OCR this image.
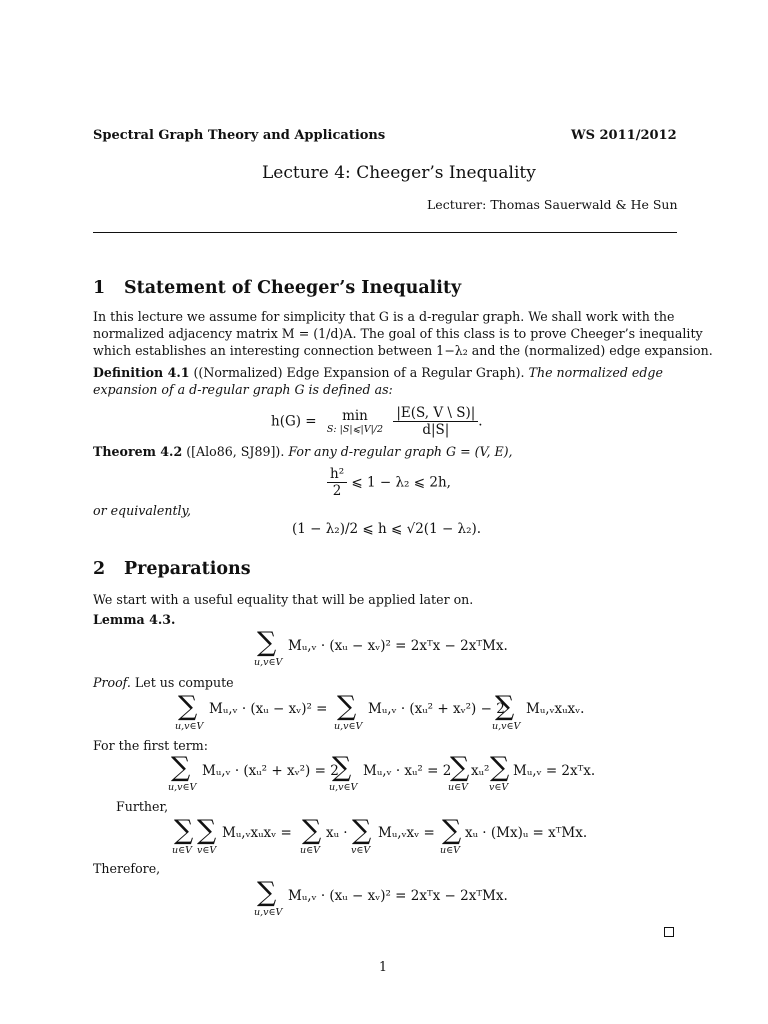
Spectral Graph Theory and Applications	WS 2011/2012
Lecture 4: Cheeger’s Inequality
Lecturer: Thomas Sauerwald & He Sun
1 Statement of Cheeger’s Inequality
In this lecture we assume for simplicity that G is a d-regular graph. We shall work with the
normalized adjacency matrix M = (1/d)A. The goal of this class is to prove Cheeger’s inequality
which establishes an interesting connection between 1−λ₂ and the (normalized) edge expansion.
Definition 4.1 ((Normalized) Edge Expansion of a Regular Graph). The normalized edge
expansion of a d-regular graph G is defined as:
h(G) =	min
S: |S|⩽|V|/2
$\frac{|E(S, V \backslash S)|}{d|S|}$ .
Theorem 4.2 ([Alo86, SJ89]). For any d-regular graph G = (V, E),
$\frac{\text{h²}}{2}$ ⩽ 1 − λ₂ ⩽ 2h,
or equivalently,
(1 − λ₂)/2 ⩽ h ⩽ √2(1 − λ₂).
2 Preparations
We start with a useful equality that will be applied later on.
Lemma 4.3.
∑
u,v∈V
Mᵤ,ᵥ · (xᵤ − xᵥ)² = 2xᵀx − 2xᵀMx.
Proof. Let us compute
∑
u,v∈V
Mᵤ,ᵥ · (xᵤ − xᵥ)² = ∑
u,v∈V
Mᵤ,ᵥ · (xᵤ² + xᵥ²) − 2
∑
u,v∈V
Mᵤ,ᵥxᵤxᵥ.
For the first term:
∑
u,v∈V
Mᵤ,ᵥ · (xᵤ² + xᵥ²) = 2
∑
u,v∈V
Mᵤ,ᵥ · xᵤ² = 2
∑
u∈V
xᵤ² ∑
v∈V
Mᵤ,ᵥ = 2xᵀx.
Further,
∑
u∈V
∑
v∈V
Mᵤ,ᵥxᵤxᵥ = ∑
u∈V
xᵤ · ∑
v∈V
Mᵤ,ᵥxᵥ = ∑
u∈V
xᵤ · (Mx)ᵤ = xᵀMx.
Therefore,
∑
u,v∈V
Mᵤ,ᵥ · (xᵤ − xᵥ)² = 2xᵀx − 2xᵀMx.
1
